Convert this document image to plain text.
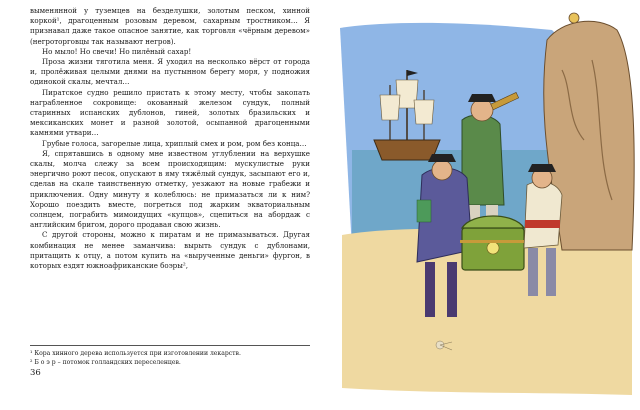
выменянной у туземцев на безделушки, золотым песком, хинной коркой¹, драгоценным розовым деревом, сахарным тростником… Я признавал даже такое опасное занятие, как торговля «чёрным деревом» (негроторговцы так называют негров).

Но мыло! Но свечи! Но пилёный сахар!

Проза жизни тяготила меня. Я уходил на несколько вёрст от города и, пролёживая целыми днями на пустынном берегу моря, у подножия одинокой скалы, мечтал…

Пиратское судно решило пристать к этому месту, чтобы закопать награбленное сокровище: окованный железом сундук, полный старинных испанских дублонов, гиней, золотых бразильских и мексиканских монет и разной золотой, осыпанной драгоценными камнями утвари…

Грубые голоса, загорелые лица, хриплый смех и ром, ром без конца…

Я, спрятавшись в одному мне известном углублении на верхушке скалы, молча слежу за всем происходящим: мускулистые руки энергично роют песок, опускают в яму тяжёлый сундук, засыпают его и, сделав на скале таинственную отметку, уезжают на новые грабежи и приключения. Одну минуту я колеблюсь: не примазаться ли к ним? Хорошо поездить вместе, погреться под жарким экваториальным солнцем, пограбить мимоидущих «купцов», сцепиться на абордаж с английским бригом, дорого продавая свою жизнь.

С другой стороны, можно к пиратам и не примазываться. Другая комбинация не менее заманчива: вырыть сундук с дублонами, притащить к отцу, а потом купить на «вырученные деньги» фургон, в которых ездят южноафриканские боэры²,

¹ Кора хинного дерева используется при изготовлении лекарств.

² Б о э р – потомок голландских переселенцев.

36
